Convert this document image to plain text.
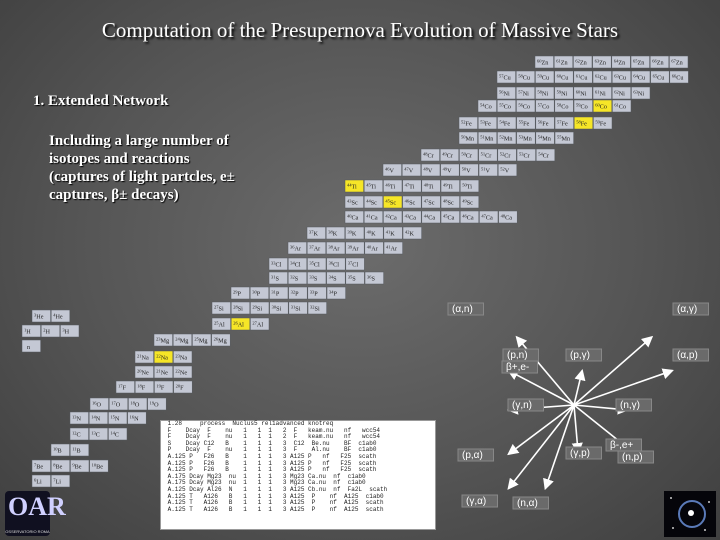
Computation of the Presupernova Evolution of Massive Stars
1. Extended Network
Including a large number of
isotopes and reactions
(captures of light partcles, e±
captures, β± decays)
$^{60}$Zn $^{61}$Zn $^{62}$Zn $^{63}$Zn $^{64}$Zn $^{65}$Zn $^{66}$Zn $^{67}$Zn
$^{57}$Cu $^{58}$Cu $^{59}$Cu $^{60}$Cu $^{61}$Cu $^{62}$Cu $^{63}$Cu $^{64}$Cu $^{65}$Cu $^{66}$Cu
$^{56}$Ni $^{57}$Ni $^{58}$Ni $^{59}$Ni $^{60}$Ni $^{61}$Ni $^{62}$Ni $^{63}$Ni
$^{54}$Co $^{55}$Co $^{56}$Co $^{57}$Co $^{58}$Co $^{59}$Co $^{60}$Co $^{61}$Co
$^{52}$Fe $^{53}$Fe $^{54}$Fe $^{55}$Fe $^{56}$Fe $^{57}$Fe $^{58}$Fe $^{59}$Fe
$^{50}$Mn $^{51}$Mn $^{52}$Mn $^{53}$Mn $^{54}$Mn $^{55}$Mn
$^{48}$Cr $^{49}$Cr $^{50}$Cr $^{51}$Cr $^{52}$Cr $^{53}$Cr $^{54}$Cr
$^{46}$V $^{47}$V $^{48}$V $^{49}$V $^{50}$V $^{51}$V $^{52}$V
$^{44}$Ti $^{45}$Ti $^{46}$Ti $^{47}$Ti $^{48}$Ti $^{49}$Ti $^{50}$Ti
$^{43}$Sc $^{44}$Sc $^{45}$Sc $^{46}$Sc $^{47}$Sc $^{48}$Sc $^{49}$Sc
$^{40}$Ca $^{41}$Ca $^{42}$Ca $^{43}$Ca $^{44}$Ca $^{45}$Ca $^{46}$Ca $^{47}$Ca $^{48}$Ca
$^{37}$K $^{38}$K $^{39}$K $^{40}$K $^{41}$K $^{42}$K
$^{36}$Ar $^{37}$Ar $^{38}$Ar $^{39}$Ar $^{40}$Ar $^{41}$Ar
$^{33}$Cl $^{34}$Cl $^{35}$Cl $^{36}$Cl $^{37}$Cl
$^{31}$S $^{32}$S $^{33}$S $^{34}$S $^{35}$S $^{36}$S
$^{29}$P $^{30}$P $^{31}$P $^{32}$P $^{33}$P $^{34}$P
$^{27}$Si $^{28}$Si $^{29}$Si $^{30}$Si $^{31}$Si $^{32}$Si
$^{25}$Al $^{26}$Al $^{27}$Al
$^{23}$Mg $^{24}$Mg $^{25}$Mg $^{26}$Mg
$^{21}$Na $^{22}$Na $^{23}$Na
$^{20}$Ne $^{21}$Ne $^{22}$Ne
$^{17}$F $^{18}$F $^{19}$F $^{20}$F
$^{16}$O $^{17}$O $^{18}$O $^{19}$O
$^{13}$N $^{14}$N $^{15}$N $^{16}$N
$^{12}$C $^{13}$C $^{14}$C
$^{10}$B $^{11}$B
$^7$Be $^8$Be $^9$Be $^{10}$Be
$^6$Li	$^7$Li
$^3$He $^4$He
$^1$H	$^2$H	$^3$H
n
(α,n)	(α,γ)
(p,n)	(p,γ)	(α,p)
β+,e-
(γ,n)	(n,γ)
β-,e+
(p,α)	(γ,p)	(n,p)
(γ,α)	(n,α)
1.28     process  Nuclus5 rel1advanced knotreq
F    Dcay  F    nu   1   1  1   2  F   keam.nu   nf   wcc54
F    Dcay  F    nu   1   1  1   2  F   keam.nu   nf   wcc54
S    Dcay C12   B    1   1  1   3  C12  Be.nu    BF  c1ab0
P    Dcay  F    nu   1   1  1   3  F    Al.nu    BF  c1ab0
A.125 P   F26   B    1   1  1   3 A125 P   nf   F25  scath
A.125 P   F26   B    1   1  1   3 A125 P   nf   F25  scath
A.125 P   F26   B    1   1  1   3 A125 P   nf   F25  scath
A.175 Dcay Mg23  nu  1   1  1   3 Mg23 Ca.nu  nf  c1ab0
A.175 Dcay Mg23  nu  1   1  1   3 Mg23 Ca.nu  nf  c1ab0
A.125 Dcay Al26  N   1   1  1   3 A125 Cb.nu  nf  Fa2L  scath
A.125 T   A126   B   1   1  1   3 A125  P    nf  A125  c1ab0
A.125 T   A126   B   1   1  1   3 A125  P    nf  A125  scath
A.125 T   A126   B   1   1  1   3 A125  P    nf  A125  scath
OAR
OSSERVATORIO ROMA
